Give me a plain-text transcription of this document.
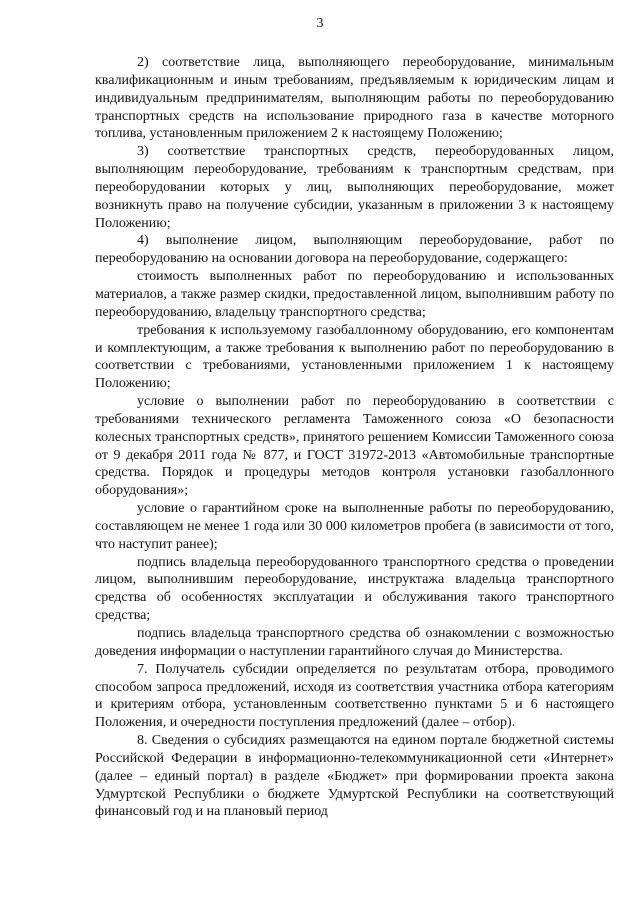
3

2) соответствие лица, выполняющего переоборудование, минимальным квалификационным и иным требованиям, предъявляемым к юридическим лицам и индивидуальным предпринимателям, выполняющим работы по переоборудованию транспортных средств на использование природного газа в качестве моторного топлива, установленным приложением 2 к настоящему Положению;

3) соответствие транспортных средств, переоборудованных лицом, выполняющим переоборудование, требованиям к транспортным средствам, при переоборудовании которых у лиц, выполняющих переоборудование, может возникнуть право на получение субсидии, указанным в приложении 3 к настоящему Положению;

4) выполнение лицом, выполняющим переоборудование, работ по переоборудованию на основании договора на переоборудование, содержащего:

стоимость выполненных работ по переоборудованию и использованных материалов, а также размер скидки, предоставленной лицом, выполнившим работу по переоборудованию, владельцу транспортного средства;

требования к используемому газобаллонному оборудованию, его компонентам и комплектующим, а также требования к выполнению работ по переоборудованию в соответствии с требованиями, установленными приложением 1 к настоящему Положению;

условие о выполнении работ по переоборудованию в соответствии с требованиями технического регламента Таможенного союза «О безопасности колесных транспортных средств», принятого решением Комиссии Таможенного союза от 9 декабря 2011 года № 877, и ГОСТ 31972-2013 «Автомобильные транспортные средства. Порядок и процедуры методов контроля установки газобаллонного оборудования»;

условие о гарантийном сроке на выполненные работы по переоборудованию, составляющем не менее 1 года или 30 000 километров пробега (в зависимости от того, что наступит ранее);

подпись владельца переоборудованного транспортного средства о проведении лицом, выполнившим переоборудование, инструктажа владельца транспортного средства об особенностях эксплуатации и обслуживания такого транспортного средства;

подпись владельца транспортного средства об ознакомлении с возможностью доведения информации о наступлении гарантийного случая до Министерства.

7. Получатель субсидии определяется по результатам отбора, проводимого способом запроса предложений, исходя из соответствия участника отбора категориям и критериям отбора, установленным соответственно пунктами 5 и 6 настоящего Положения, и очередности поступления предложений (далее – отбор).

8. Сведения о субсидиях размещаются на едином портале бюджетной системы Российской Федерации в информационно-телекоммуникационной сети «Интернет» (далее – единый портал) в разделе «Бюджет» при формировании проекта закона Удмуртской Республики о бюджете Удмуртской Республики на соответствующий финансовый год и на плановый период
